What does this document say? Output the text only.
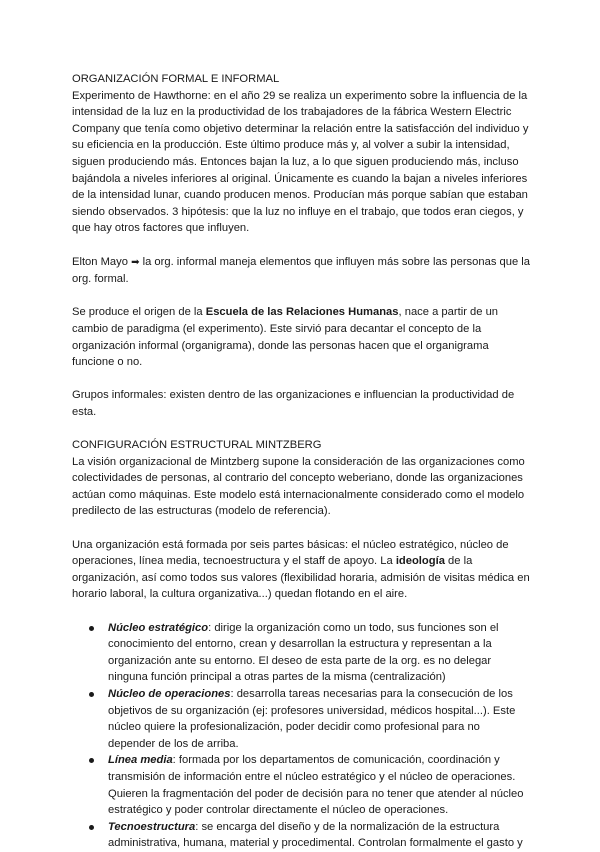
ORGANIZACIÓN FORMAL E INFORMAL

Experimento de Hawthorne: en el año 29 se realiza un experimento sobre la influencia de la intensidad de la luz en la productividad de los trabajadores de la fábrica Western Electric Company que tenía como objetivo determinar la relación entre la satisfacción del individuo y su eficiencia en la producción. Este último produce más y, al volver a subir la intensidad, siguen produciendo más. Entonces bajan la luz, a lo que siguen produciendo más, incluso bajándola a niveles inferiores al original. Únicamente es cuando la bajan a niveles inferiores de la intensidad lunar, cuando producen menos. Producían más porque sabían que estaban siendo observados. 3 hipótesis: que la luz no influye en el trabajo, que todos eran ciegos, y que hay otros factores que influyen.

Elton Mayo ➡ la org. informal maneja elementos que influyen más sobre las personas que la org. formal.

Se produce el origen de la Escuela de las Relaciones Humanas, nace a partir de un cambio de paradigma (el experimento). Este sirvió para decantar el concepto de la organización informal (organigrama), donde las personas hacen que el organigrama funcione o no.

Grupos informales: existen dentro de las organizaciones e influencian la productividad de esta.

CONFIGURACIÓN ESTRUCTURAL MINTZBERG

La visión organizacional de Mintzberg supone la consideración de las organizaciones como colectividades de personas, al contrario del concepto weberiano, donde las organizaciones actúan como máquinas. Este modelo está internacionalmente considerado como el modelo predilecto de las estructuras (modelo de referencia).

Una organización está formada por seis partes básicas: el núcleo estratégico, núcleo de operaciones, línea media, tecnoestructura y el staff de apoyo. La ideología de la organización, así como todos sus valores (flexibilidad horaria, admisión de visitas médica en horario laboral, la cultura organizativa...) quedan flotando en el aire.

Núcleo estratégico: dirige la organización como un todo, sus funciones son el conocimiento del entorno, crean y desarrollan la estructura y representan a la organización ante su entorno. El deseo de esta parte de la org. es no delegar ninguna función principal a otras partes de la misma (centralización)
Núcleo de operaciones: desarrolla tareas necesarias para la consecución de los objetivos de su organización (ej: profesores universidad, médicos hospital...). Este núcleo quiere la profesionalización, poder decidir como profesional para no depender de los de arriba.
Línea media: formada por los departamentos de comunicación, coordinación y transmisión de información entre el núcleo estratégico y el núcleo de operaciones. Quieren la fragmentación del poder de decisión para no tener que atender al núcleo estratégico y poder controlar directamente el núcleo de operaciones.
Tecnoestructura: se encarga del diseño y de la normalización de la estructura administrativa, humana, material y procedimental. Controlan formalmente el gasto y
